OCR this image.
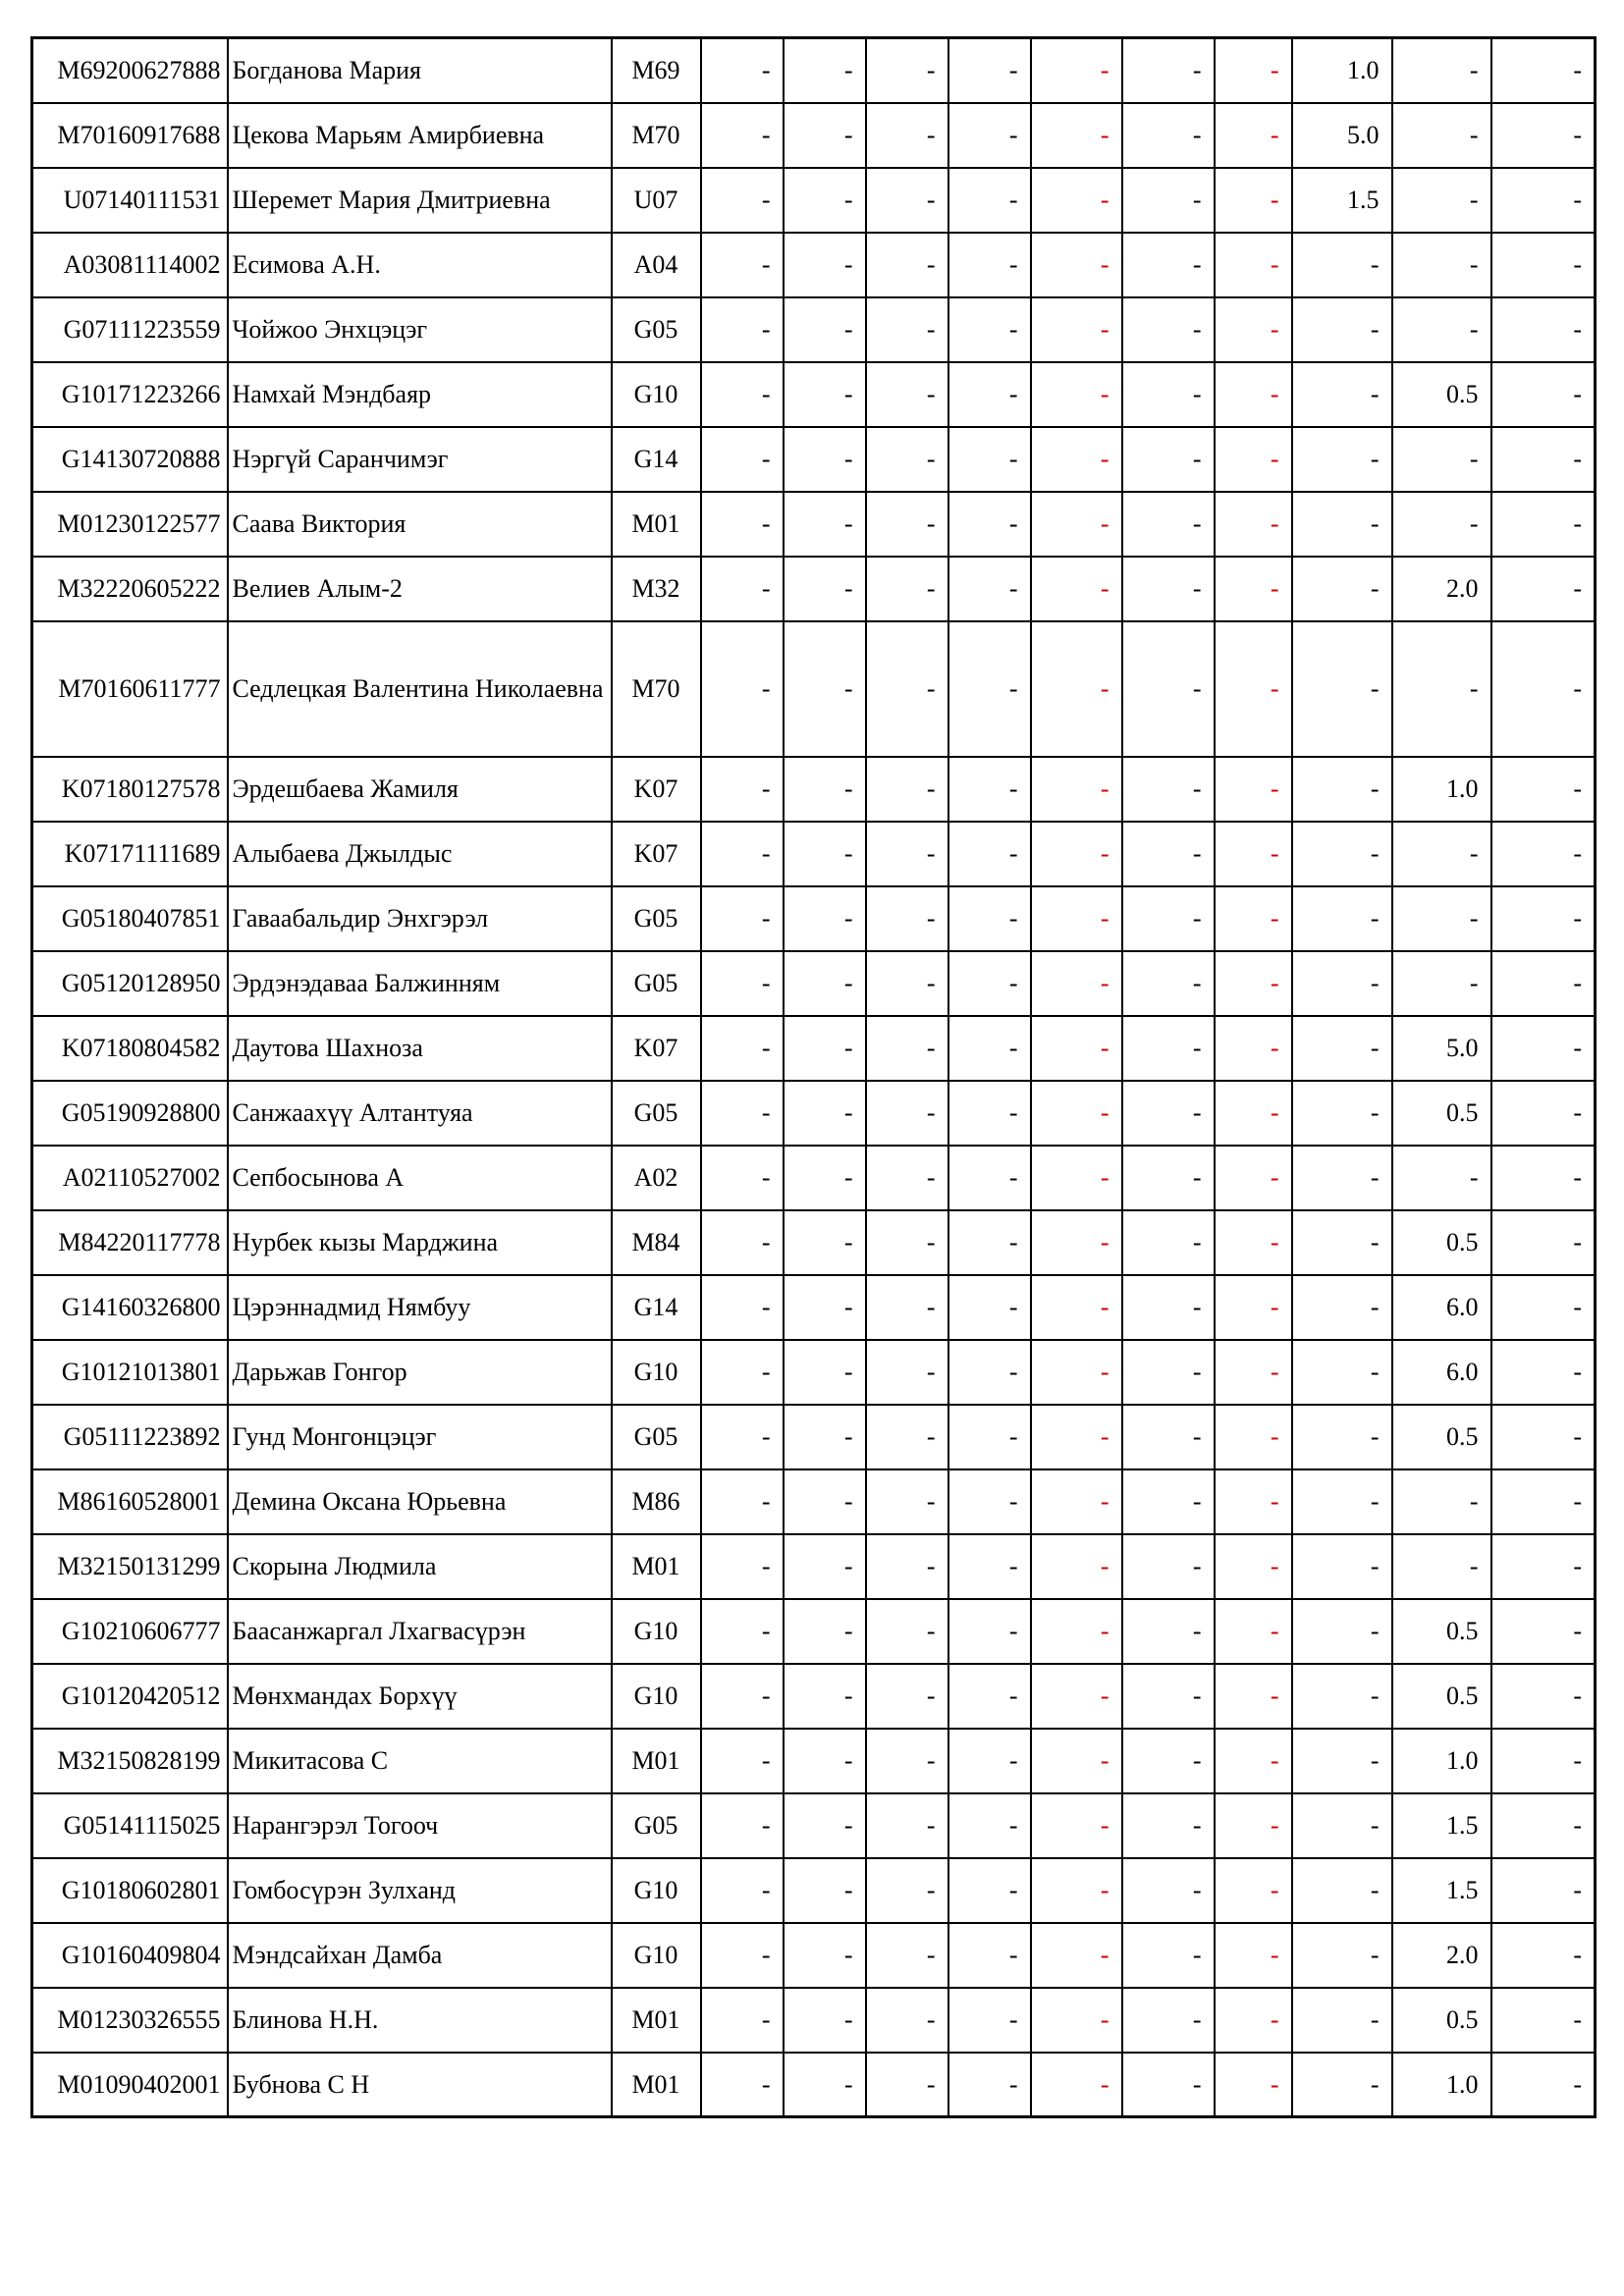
M69200627888	Богданова Мария	M69	-	-	-	-	-	-	-	1.0	-	-
M70160917688	Цекова Марьям Амирбиевна	M70	-	-	-	-	-	-	-	5.0	-	-
U07140111531	Шеремет Мария Дмитриевна	U07	-	-	-	-	-	-	-	1.5	-	-
A03081114002	Есимова А.Н.	A04	-	-	-	-	-	-	-	-	-	-
G07111223559	Чойжоо Энхцэцэг	G05	-	-	-	-	-	-	-	-	-	-
G10171223266	Намхай Мэндбаяр	G10	-	-	-	-	-	-	-	-	0.5	-
G14130720888	Нэргүй Саранчимэг	G14	-	-	-	-	-	-	-	-	-	-
M01230122577	Саава Виктория	M01	-	-	-	-	-	-	-	-	-	-
M32220605222	Велиев Алым-2	M32	-	-	-	-	-	-	-	-	2.0	-
M70160611777	Седлецкая Валентина Николаевна	M70	-	-	-	-	-	-	-	-	-	-
K07180127578	Эрдешбаева Жамиля	K07	-	-	-	-	-	-	-	-	1.0	-
K07171111689	Алыбаева Джылдыс	K07	-	-	-	-	-	-	-	-	-	-
G05180407851	Гаваабальдир Энхгэрэл	G05	-	-	-	-	-	-	-	-	-	-
G05120128950	Эрдэнэдаваа Балжинням	G05	-	-	-	-	-	-	-	-	-	-
K07180804582	Даутова Шахноза	K07	-	-	-	-	-	-	-	-	5.0	-
G05190928800	Санжаахүү Алтантуяа	G05	-	-	-	-	-	-	-	-	0.5	-
A02110527002	Сепбосынова А	A02	-	-	-	-	-	-	-	-	-	-
M84220117778	Нурбек кызы Марджина	M84	-	-	-	-	-	-	-	-	0.5	-
G14160326800	Цэрэннадмид Нямбуу	G14	-	-	-	-	-	-	-	-	6.0	-
G10121013801	Дарьжав Гонгор	G10	-	-	-	-	-	-	-	-	6.0	-
G05111223892	Гунд Монгонцэцэг	G05	-	-	-	-	-	-	-	-	0.5	-
M86160528001	Демина Оксана Юрьевна	M86	-	-	-	-	-	-	-	-	-	-
M32150131299	Скорына Людмила	M01	-	-	-	-	-	-	-	-	-	-
G10210606777	Баасанжаргал Лхагвасүрэн	G10	-	-	-	-	-	-	-	-	0.5	-
G10120420512	Мөнхмандах Борхүү	G10	-	-	-	-	-	-	-	-	0.5	-
M32150828199	Микитасова С	M01	-	-	-	-	-	-	-	-	1.0	-
G05141115025	Нарангэрэл Тогооч	G05	-	-	-	-	-	-	-	-	1.5	-
G10180602801	Гомбосүрэн Зулханд	G10	-	-	-	-	-	-	-	-	1.5	-
G10160409804	Мэндсайхан Дамба	G10	-	-	-	-	-	-	-	-	2.0	-
M01230326555	Блинова Н.Н.	M01	-	-	-	-	-	-	-	-	0.5	-
M01090402001	Бубнова С Н	M01	-	-	-	-	-	-	-	-	1.0	-
